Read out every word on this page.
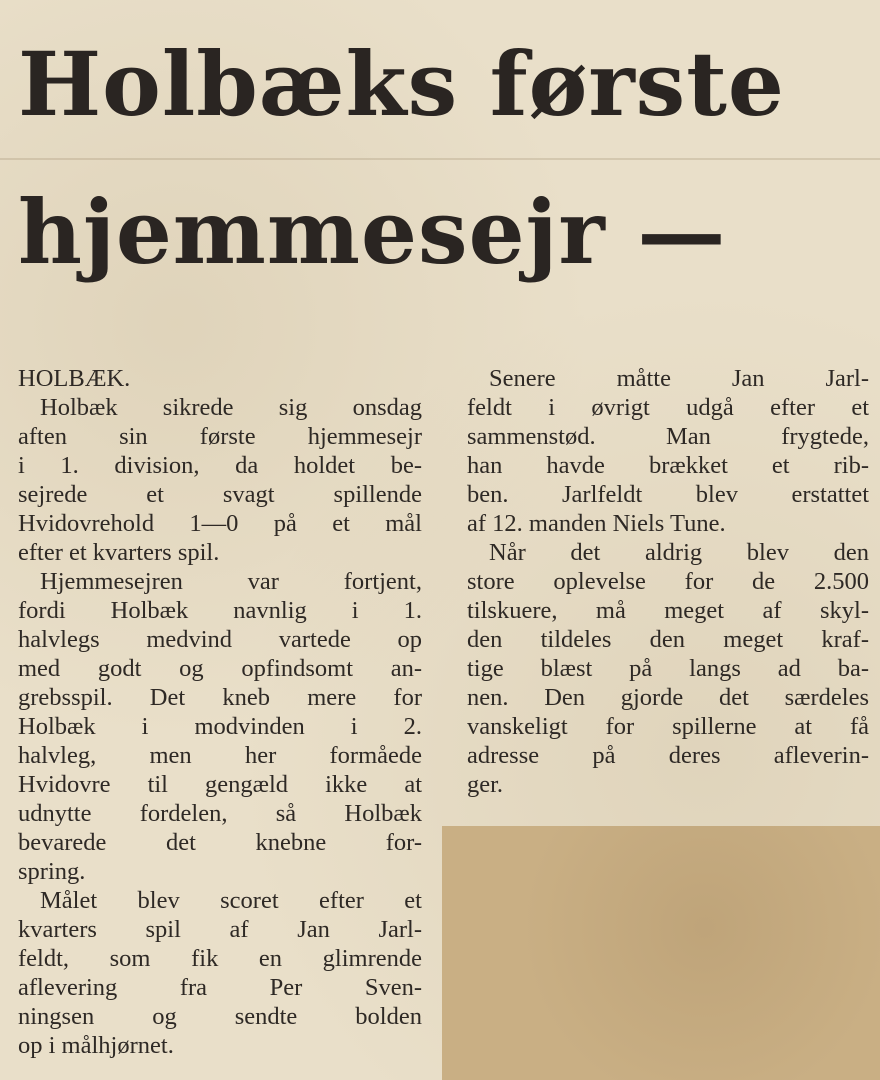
Holbæks første
hjemmesejr —

HOLBÆK.

Holbæk sikrede sig onsdag

aften sin første hjemmesejr

i 1. division, da holdet be-

sejrede et svagt spillende

Hvidovrehold 1—0 på et mål

efter et kvarters spil.

Hjemmesejren var fortjent,

fordi Holbæk navnlig i 1.

halvlegs medvind vartede op

med godt og opfindsomt an-

grebsspil. Det kneb mere for

Holbæk i modvinden i 2.

halvleg, men her formåede

Hvidovre til gengæld ikke at

udnytte fordelen, så Holbæk

bevarede det knebne for-

spring.

Målet blev scoret efter et

kvarters spil af Jan Jarl-

feldt, som fik en glimrende

aflevering fra Per Sven-

ningsen og sendte bolden

op i målhjørnet.

Senere måtte Jan Jarl-

feldt i øvrigt udgå efter et

sammenstød. Man frygtede,

han havde brækket et rib-

ben. Jarlfeldt blev erstattet

af 12. manden Niels Tune.

Når det aldrig blev den

store oplevelse for de 2.500

tilskuere, må meget af skyl-

den tildeles den meget kraf-

tige blæst på langs ad ba-

nen. Den gjorde det særdeles

vanskeligt for spillerne at få

adresse på deres afleverin-

ger.
